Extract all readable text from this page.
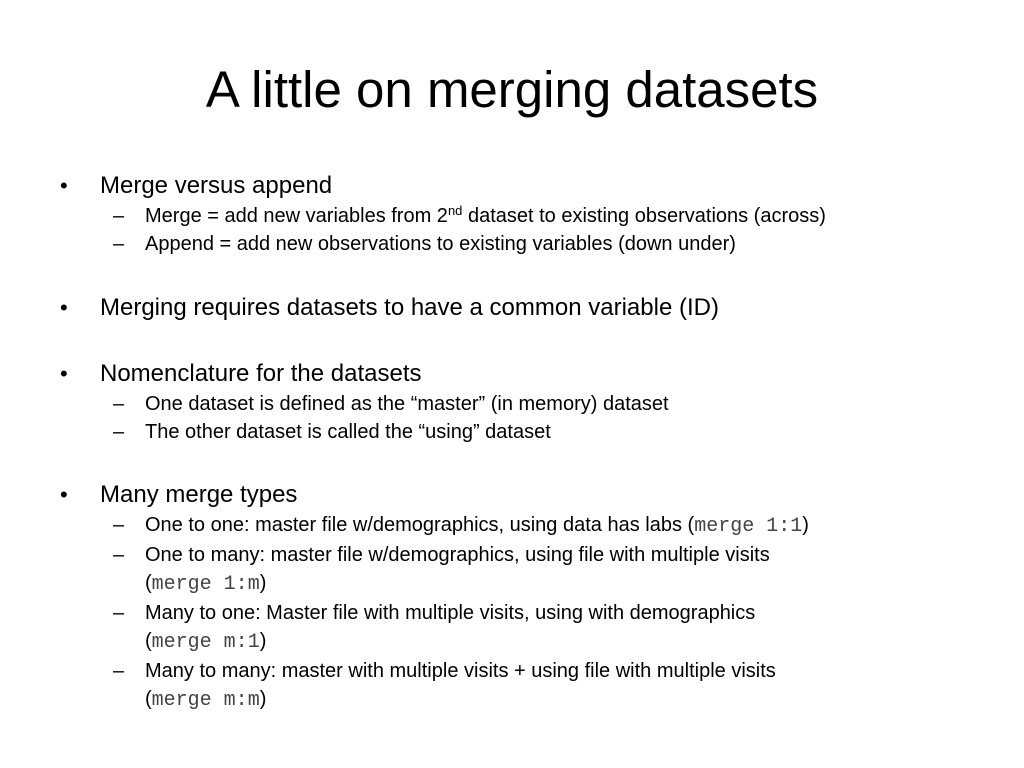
A little on merging datasets

• Merge versus append

– Merge = add new variables from 2nd dataset to existing observations (across)

– Append = add new observations to existing variables (down under)

• Merging requires datasets to have a common variable (ID)

• Nomenclature for the datasets

– One dataset is defined as the “master” (in memory) dataset

– The other dataset is called the “using” dataset

• Many merge types

– One to one: master file w/demographics, using data has labs (merge 1:1)

– One to many: master file w/demographics, using file with multiple visits
(merge 1:m)

– Many to one: Master file with multiple visits, using with demographics
(merge m:1)

– Many to many: master with multiple visits + using file with multiple visits
(merge m:m)
